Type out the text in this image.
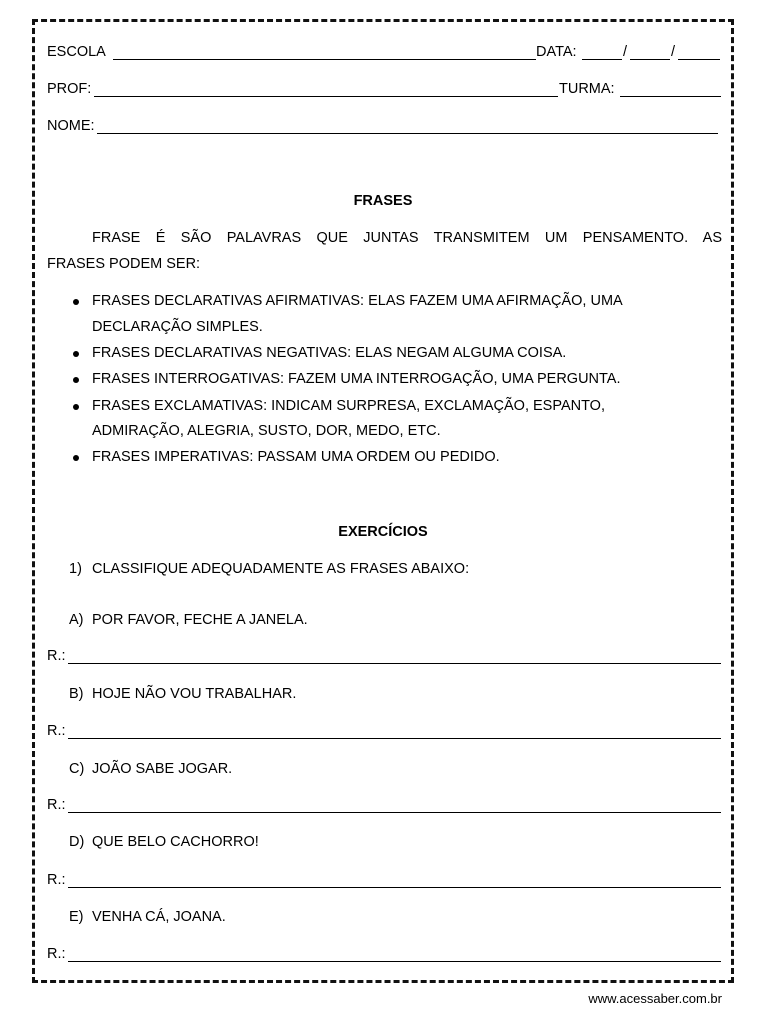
ESCOLA	DATA:	/	/
PROF:	TURMA:
NOME:
FRASES
FRASE É SÃO PALAVRAS QUE JUNTAS TRANSMITEM UM PENSAMENTO. AS
FRASES PODEM SER:
FRASES DECLARATIVAS AFIRMATIVAS: ELAS FAZEM UMA AFIRMAÇÃO, UMA
DECLARAÇÃO SIMPLES.
FRASES DECLARATIVAS NEGATIVAS: ELAS NEGAM ALGUMA COISA.
FRASES INTERROGATIVAS: FAZEM UMA INTERROGAÇÃO, UMA PERGUNTA.
FRASES EXCLAMATIVAS: INDICAM SURPRESA, EXCLAMAÇÃO, ESPANTO,
ADMIRAÇÃO, ALEGRIA, SUSTO, DOR, MEDO, ETC.
FRASES IMPERATIVAS: PASSAM UMA ORDEM OU PEDIDO.
EXERCÍCIOS
1) CLASSIFIQUE ADEQUADAMENTE AS FRASES ABAIXO:
A) POR FAVOR, FECHE A JANELA.
R.:
B) HOJE NÃO VOU TRABALHAR.
R.:
C) JOÃO SABE JOGAR.
R.:
D) QUE BELO CACHORRO!
R.:
E) VENHA CÁ, JOANA.
R.:
www.acessaber.com.br
